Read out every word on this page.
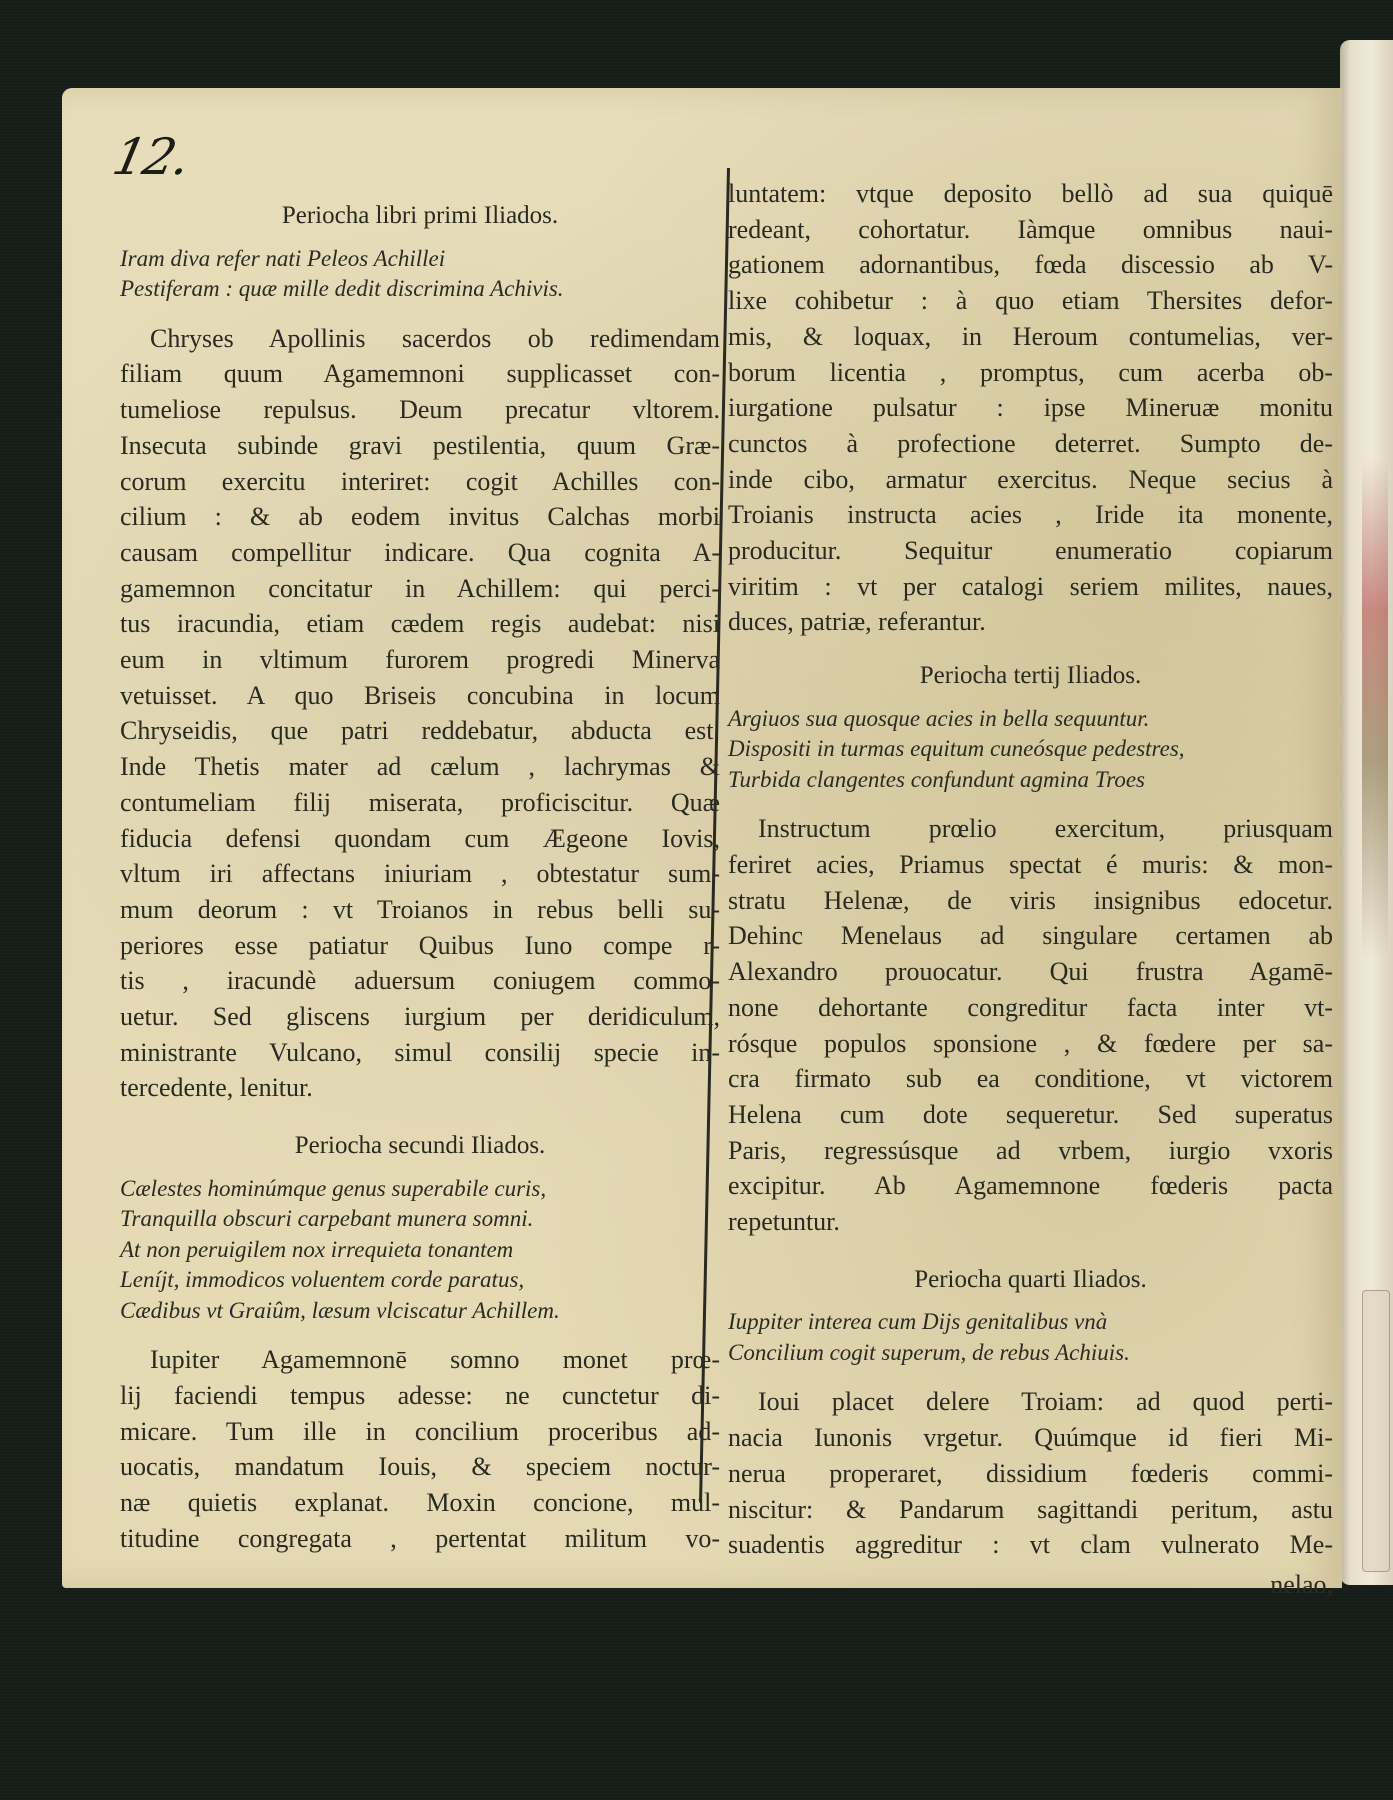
12.
Periocha libri primi Iliados.
Iram diva refer nati Peleos Achillei
Pestiferam : quæ mille dedit discrimina Achivis.
Chryses Apollinis sacerdos ob redimendam
filiam quum Agamemnoni supplicasset con-
tumeliose repulsus. Deum precatur vltorem.
Insecuta subinde gravi pestilentia, quum Græ-
corum exercitu interiret: cogit Achilles con-
cilium : & ab eodem invitus Calchas morbi
causam compellitur indicare. Qua cognita A-
gamemnon concitatur in Achillem: qui perci-
tus iracundia, etiam cædem regis audebat: nisi
eum in vltimum furorem progredi Minerva
vetuisset. A quo Briseis concubina in locum
Chryseidis, que patri reddebatur, abducta est.
Inde Thetis mater ad cælum , lachrymas &
contumeliam filij miserata, proficiscitur. Quæ
fiducia defensi quondam cum Ægeone Iovis,
vltum iri affectans iniuriam , obtestatur sum-
mum deorum : vt Troianos in rebus belli su-
periores esse patiatur Quibus Iuno compe r-
tis , iracundè aduersum coniugem commo-
uetur. Sed gliscens iurgium per deridiculum,
ministrante Vulcano, simul consilij specie in-
tercedente, lenitur.
Periocha secundi Iliados.
Cælestes hominúmque genus superabile curis,
Tranquilla obscuri carpebant munera somni.
At non peruigilem nox irrequieta tonantem
Leníjt, immodicos voluentem corde paratus,
Cædibus vt Graiûm, læsum vlciscatur Achillem.
Iupiter Agamemnonē somno monet prœ-
lij faciendi tempus adesse: ne cunctetur di-
micare. Tum ille in concilium proceribus ad-
uocatis, mandatum Iouis, & speciem noctur-
næ quietis explanat. Moxin concione, mul-
titudine congregata , pertentat militum vo-
luntatem: vtque deposito bellò ad sua quiquē
redeant, cohortatur. Iàmque omnibus naui-
gationem adornantibus, fœda discessio ab V-
lixe cohibetur : à quo etiam Thersites defor-
mis, & loquax, in Heroum contumelias, ver-
borum licentia , promptus, cum acerba ob-
iurgatione pulsatur : ipse Mineruæ monitu
cunctos à profectione deterret. Sumpto de-
inde cibo, armatur exercitus. Neque secius à
Troianis instructa acies , Iride ita monente,
producitur. Sequitur enumeratio copiarum
viritim : vt per catalogi seriem milites, naues,
duces, patriæ, referantur.
Periocha tertij Iliados.
Argiuos sua quosque acies in bella sequuntur.
Dispositi in turmas equitum cuneósque pedestres,
Turbida clangentes confundunt agmina Troes
Instructum prœlio exercitum, priusquam
feriret acies, Priamus spectat é muris: & mon-
stratu Helenæ, de viris insignibus edocetur.
Dehinc Menelaus ad singulare certamen ab
Alexandro prouocatur. Qui frustra Agamē-
none dehortante congreditur facta inter vt-
rósque populos sponsione , & fœdere per sa-
cra firmato sub ea conditione, vt victorem
Helena cum dote sequeretur. Sed superatus
Paris, regressúsque ad vrbem, iurgio vxoris
excipitur. Ab Agamemnone fœderis pacta
repetuntur.
Periocha quarti Iliados.
Iuppiter interea cum Dijs genitalibus vnà
Concilium cogit superum, de rebus Achiuis.
Ioui placet delere Troiam: ad quod perti-
nacia Iunonis vrgetur. Quúmque id fieri Mi-
nerua properaret, dissidium fœderis commi-
niscitur: & Pandarum sagittandi peritum, astu
suadentis aggreditur : vt clam vulnerato Me-
nelao,
